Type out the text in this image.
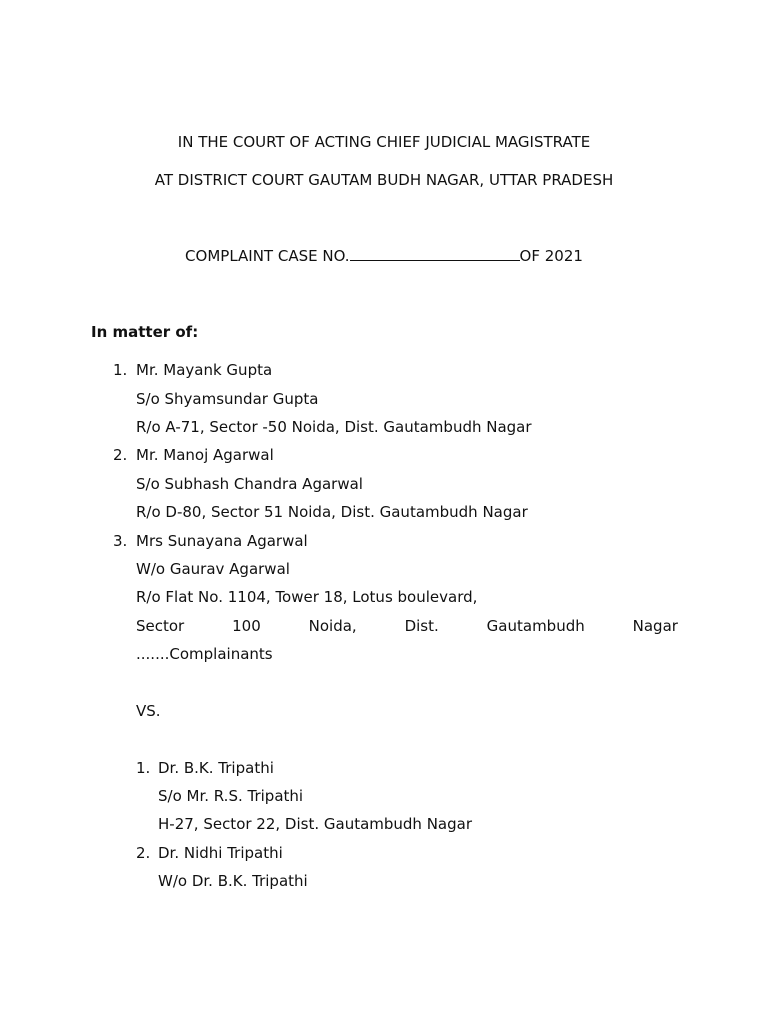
IN THE COURT OF ACTING CHIEF JUDICIAL MAGISTRATE
AT DISTRICT COURT GAUTAM BUDH NAGAR, UTTAR PRADESH
COMPLAINT CASE NO.	OF 2021
In matter of:
1. Mr. Mayank Gupta
S/o Shyamsundar Gupta
R/o A-71, Sector -50 Noida, Dist. Gautambudh Nagar
2. Mr. Manoj Agarwal
S/o Subhash Chandra Agarwal
R/o D-80, Sector 51 Noida, Dist. Gautambudh Nagar
3. Mrs Sunayana Agarwal
W/o Gaurav Agarwal
R/o Flat No. 1104, Tower 18, Lotus boulevard,
Sector	100	Noida,	Dist.	Gautambudh	Nagar
.......Complainants
VS.
1. Dr. B.K. Tripathi
S/o Mr. R.S. Tripathi
H-27, Sector 22, Dist. Gautambudh Nagar
2. Dr. Nidhi Tripathi
W/o Dr. B.K. Tripathi
